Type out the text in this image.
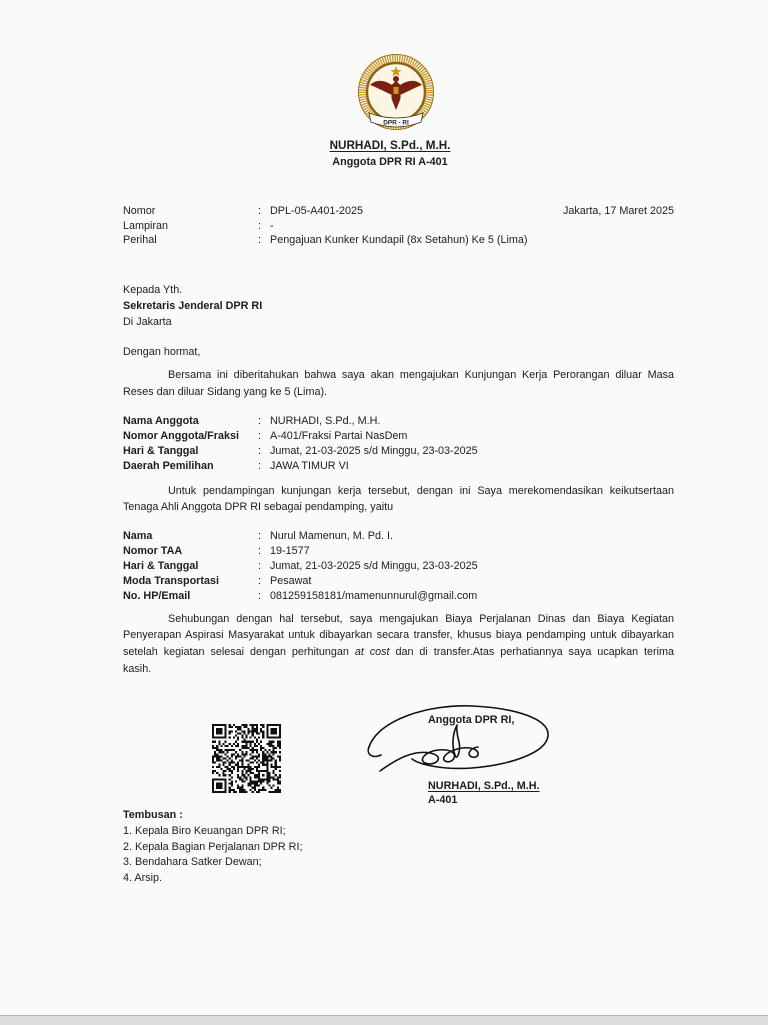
DPR - RI
NURHADI, S.Pd., M.H.
Anggota DPR RI A-401
Nomor	: DPL-05-A401-2025
Lampiran	: -
Perihal	: Pengajuan Kunker Kundapil (8x Setahun) Ke 5 (Lima)
Jakarta, 17 Maret 2025
Kepada Yth.
Sekretaris Jenderal DPR RI
Di Jakarta
Dengan hormat,
Bersama ini diberitahukan bahwa saya akan mengajukan Kunjungan Kerja Perorangan diluar Masa
Reses dan diluar Sidang yang ke 5 (Lima).
Nama Anggota	: NURHADI, S.Pd., M.H.
Nomor Anggota/Fraksi	: A-401/Fraksi Partai NasDem
Hari & Tanggal	: Jumat, 21-03-2025 s/d Minggu, 23-03-2025
Daerah Pemilihan	: JAWA TIMUR VI
Untuk pendampingan kunjungan kerja tersebut, dengan ini Saya merekomendasikan keikutsertaan
Tenaga Ahli Anggota DPR RI sebagai pendamping, yaitu
Nama	: Nurul Mamenun, M. Pd. I.
Nomor TAA	: 19-1577
Hari & Tanggal	: Jumat, 21-03-2025 s/d Minggu, 23-03-2025
Moda Transportasi	: Pesawat
No. HP/Email	: 081259158181/mamenunnurul@gmail.com
Sehubungan dengan hal tersebut, saya mengajukan Biaya Perjalanan Dinas dan Biaya Kegiatan
Penyerapan Aspirasi Masyarakat untuk dibayarkan secara transfer, khusus biaya pendamping untuk dibayarkan
setelah kegiatan selesai dengan perhitungan at cost dan di transfer.Atas perhatiannya saya ucapkan terima
kasih.
Anggota DPR RI,
NURHADI, S.Pd., M.H.
A-401
Tembusan :
1. Kepala Biro Keuangan DPR RI;
2. Kepala Bagian Perjalanan DPR RI;
3. Bendahara Satker Dewan;
4. Arsip.
